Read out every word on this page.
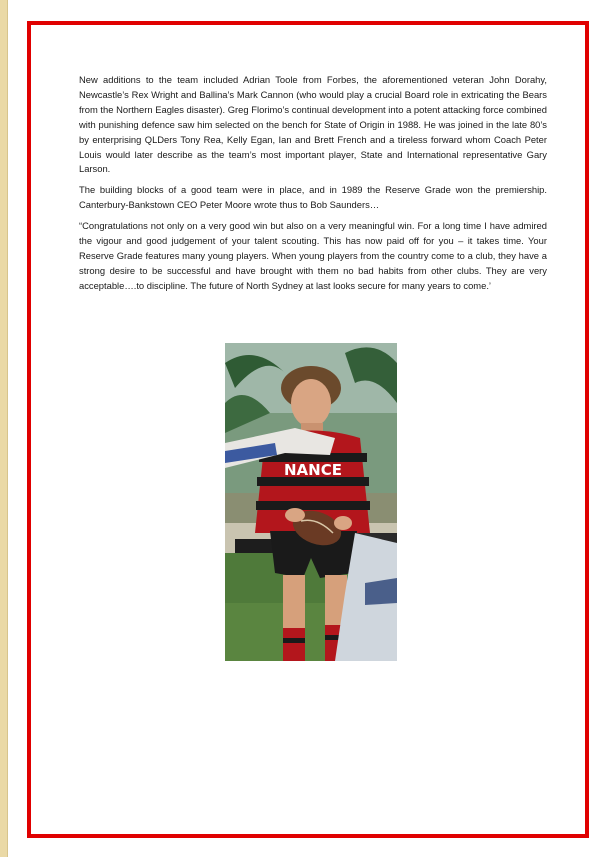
New additions to the team included Adrian Toole from Forbes, the aforementioned veteran John Dorahy, Newcastle’s Rex Wright and Ballina’s Mark Cannon (who would play a crucial Board role in extricating the Bears from the Northern Eagles disaster). Greg Florimo’s continual development into a potent attacking force combined with punishing defence saw him selected on the bench for State of Origin in 1988. He was joined in the late 80’s by enterprising QLDers Tony Rea, Kelly Egan, Ian and Brett French and a tireless forward whom Coach Peter Louis would later describe as the team’s most important player, State and International representative Gary Larson.

The building blocks of a good team were in place, and in 1989 the Reserve Grade won the premiership. Canterbury-Bankstown CEO Peter Moore wrote thus to Bob Saunders…

“Congratulations not only on a very good win but also on a very meaningful win. For a long time I have admired the vigour and good judgement of your talent scouting. This has now paid off for you – it takes time. Your Reserve Grade features many young players. When young players from the country come to a club, they have a strong desire to be successful and have brought with them no bad habits from other clubs. They are very acceptable….to discipline. The future of North Sydney at last looks secure for many years to come.’

NANCE
